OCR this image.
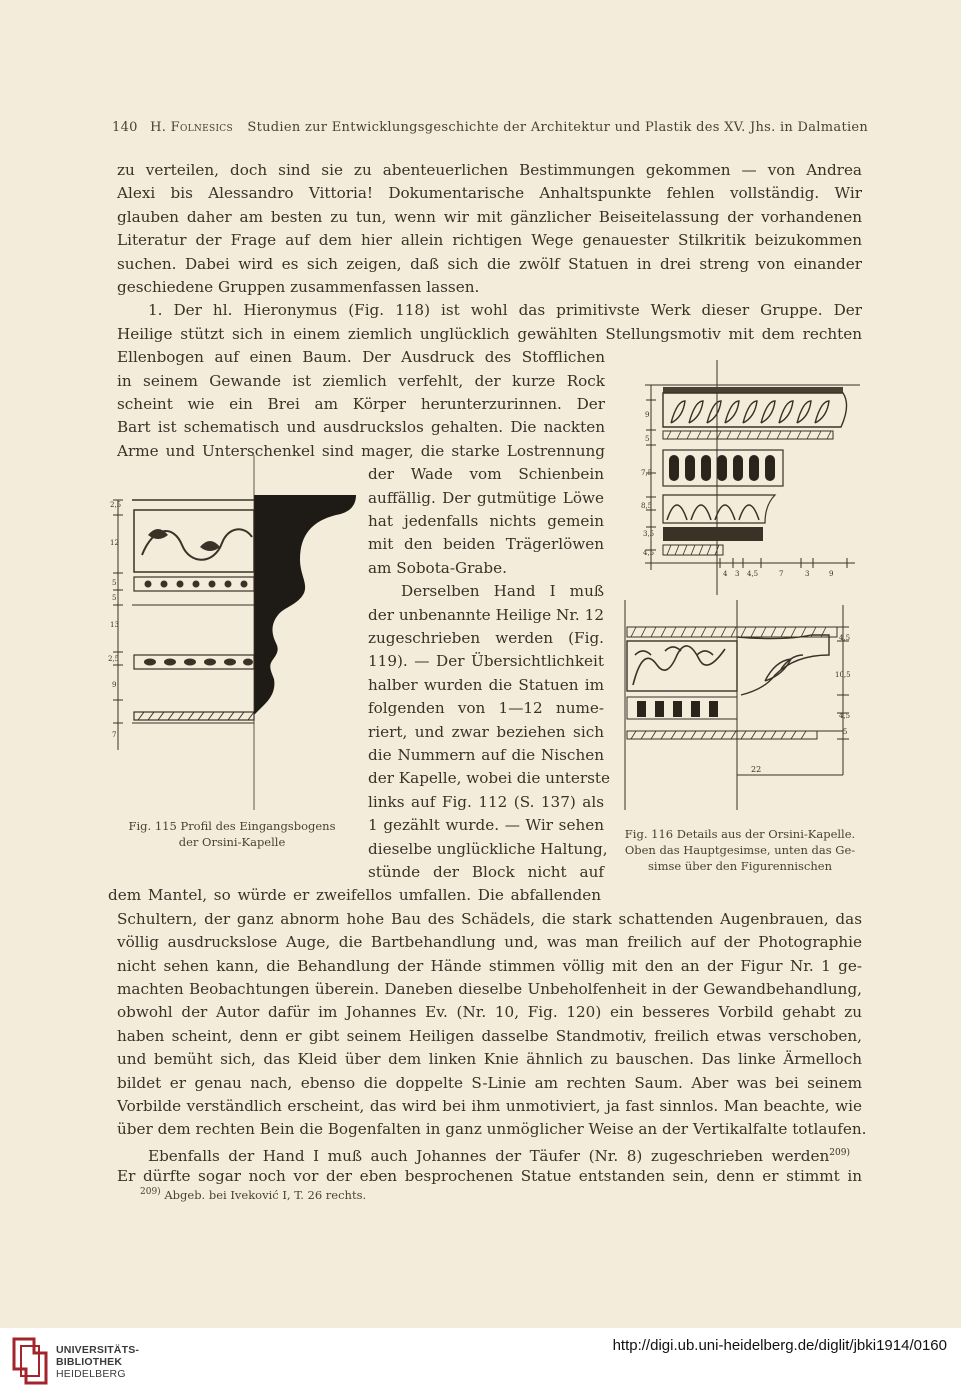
140 H. Folnesics Studien zur Entwicklungsgeschichte der Architektur und Plastik des XV. Jhs. in Dalmatien
zu verteilen, doch sind sie zu abenteuerlichen Bestimmungen gekommen — von Andrea
Alexi bis Alessandro Vittoria! Dokumentarische Anhaltspunkte fehlen vollständig. Wir
glauben daher am besten zu tun, wenn wir mit gänzlicher Beiseitelassung der vorhandenen
Literatur der Frage auf dem hier allein richtigen Wege genauester Stilkritik beizukommen
suchen. Dabei wird es sich zeigen, daß sich die zwölf Statuen in drei streng von einander
geschiedene Gruppen zusammenfassen lassen.
1. Der hl. Hieronymus (Fig. 118) ist wohl das primitivste Werk dieser Gruppe. Der
Heilige stützt sich in einem ziemlich unglücklich gewählten Stellungsmotiv mit dem rechten
Ellenbogen auf einen Baum. Der Ausdruck des Stofflichen
in seinem Gewande ist ziemlich verfehlt, der kurze Rock
scheint wie ein Brei am Körper herunterzurinnen. Der
Bart ist schematisch und ausdruckslos gehalten. Die nackten
Arme und Unterschenkel sind mager, die starke Lostrennung
der Wade vom Schienbein
auffällig. Der gutmütige Löwe
hat jedenfalls nichts gemein
mit den beiden Trägerlöwen
am Sobota-Grabe.
Derselben Hand I muß
der unbenannte Heilige Nr. 12
zugeschrieben werden (Fig.
119). — Der Übersichtlichkeit
halber wurden die Statuen im
folgenden von 1—12 nume-
riert, und zwar beziehen sich
die Nummern auf die Nischen
der Kapelle, wobei die unterste
links auf Fig. 112 (S. 137) als
1 gezählt wurde. — Wir sehen
dieselbe unglückliche Haltung,
stünde der Block nicht auf
dem Mantel, so würde er zweifellos umfallen. Die abfallenden
Schultern, der ganz abnorm hohe Bau des Schädels, die stark schattenden Augenbrauen, das
völlig ausdruckslose Auge, die Bartbehandlung und, was man freilich auf der Photographie
nicht sehen kann, die Behandlung der Hände stimmen völlig mit den an der Figur Nr. 1 ge-
machten Beobachtungen überein. Daneben dieselbe Unbeholfenheit in der Gewandbehandlung,
obwohl der Autor dafür im Johannes Ev. (Nr. 10, Fig. 120) ein besseres Vorbild gehabt zu
haben scheint, denn er gibt seinem Heiligen dasselbe Standmotiv, freilich etwas verschoben,
und bemüht sich, das Kleid über dem linken Knie ähnlich zu bauschen. Das linke Ärmelloch
bildet er genau nach, ebenso die doppelte S-Linie am rechten Saum. Aber was bei seinem
Vorbilde verständlich erscheint, das wird bei ihm unmotiviert, ja fast sinnlos. Man beachte, wie
über dem rechten Bein die Bogenfalten in ganz unmöglicher Weise an der Vertikalfalte totlaufen.
Ebenfalls der Hand I muß auch Johannes der Täufer (Nr. 8) zugeschrieben werden$^{209)}$
Er dürfte sogar noch vor der eben besprochenen Statue entstanden sein, denn er stimmt in
$^{209)}$ Abgeb. bei Iveković I, T. 26 rechts.
2,5
12
5
5
13
2,5
9
7
Fig. 115 Profil des Eingangsbogens
der Orsini-Kapelle
9
5
7,5
8,5
3,5
4,5
4 3 4,5	7	3	9
4,5
10,5
4,5
5
22
Fig. 116 Details aus der Orsini-Kapelle.
Oben das Hauptgesimse, unten das Ge-
simse über den Figurennischen
UNIVERSITÄTS-
BIBLIOTHEK
HEIDELBERG
http://digi.ub.uni-heidelberg.de/diglit/jbki1914/0160
